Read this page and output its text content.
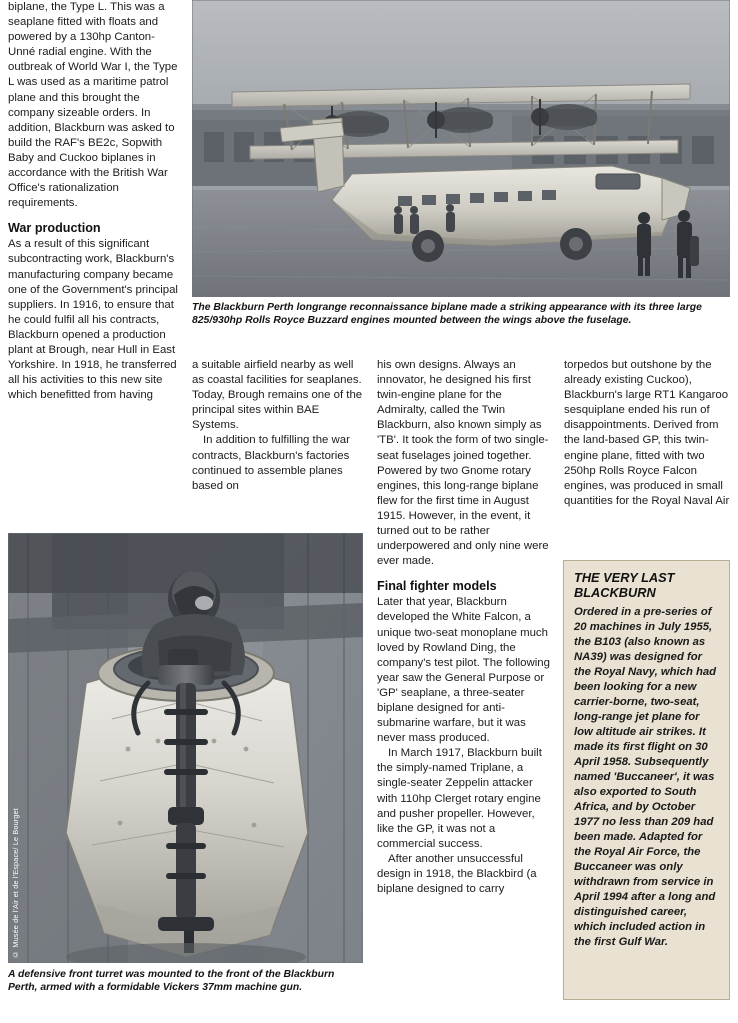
biplane, the Type L. This was a seaplane fitted with floats and powered by a 130hp Canton-Unné radial engine. With the outbreak of World War I, the Type L was used as a maritime patrol plane and this brought the company sizeable orders. In addition, Blackburn was asked to build the RAF's BE2c, Sopwith Baby and Cuckoo biplanes in accordance with the British War Office's rationalization requirements.
War production
As a result of this significant subcontracting work, Blackburn's manufacturing company became one of the Government's principal suppliers. In 1916, to ensure that he could fulfil all his contracts, Blackburn opened a production plant at Brough, near Hull in East Yorkshire. In 1918, he transferred all his activities to this new site which benefitted from having
The Blackburn Perth longrange reconnaissance biplane made a striking appearance with its three large 825/930hp Rolls Royce Buzzard engines mounted between the wings above the fuselage.

a suitable airfield nearby as well as coastal facilities for seaplanes. Today, Brough remains one of the principal sites within BAE Systems.

In addition to fulfilling the war contracts, Blackburn's factories continued to assemble planes based on

his own designs. Always an innovator, he designed his first twin-engine plane for the Admiralty, called the Twin Blackburn, also known simply as 'TB'. It took the form of two single-seat fuselages joined together. Powered by two Gnome rotary engines, this long-range biplane flew for the first time in August 1915. However, in the event, it turned out to be rather underpowered and only nine were ever made.
Final fighter models

Later that year, Blackburn developed the White Falcon, a unique two-seat monoplane much loved by Rowland Ding, the company's test pilot. The following year saw the General Purpose or 'GP' seaplane, a three-seater biplane designed for anti-submarine warfare, but it was never mass produced.

In March 1917, Blackburn built the simply-named Triplane, a single-seater Zeppelin attacker with 110hp Clerget rotary engine and pusher propeller. However, like the GP, it was not a commercial success.

After another unsuccessful design in 1918, the Blackbird (a biplane designed to carry

torpedos but outshone by the already existing Cuckoo), Blackburn's large RT1 Kangaroo sesquiplane ended his run of disappointments. Derived from the land-based GP, this twin-engine plane, fitted with two 250hp Rolls Royce Falcon engines, was produced in small quantities for the Royal Naval Air

© Musée de l'Air et de l'Espace/ Le Bourget
A defensive front turret was mounted to the front of the Blackburn Perth, armed with a formidable Vickers 37mm machine gun.
THE VERY LAST BLACKBURN
Ordered in a pre-series of 20 machines in July 1955, the B103 (also known as NA39) was designed for the Royal Navy, which had been looking for a new carrier-borne, two-seat, long-range jet plane for low altitude air strikes. It made its first flight on 30 April 1958. Subsequently named 'Buccaneer', it was also exported to South Africa, and by October 1977 no less than 209 had been made. Adapted for the Royal Air Force, the Buccaneer was only withdrawn from service in April 1994 after a long and distinguished career, which included action in the first Gulf War.
